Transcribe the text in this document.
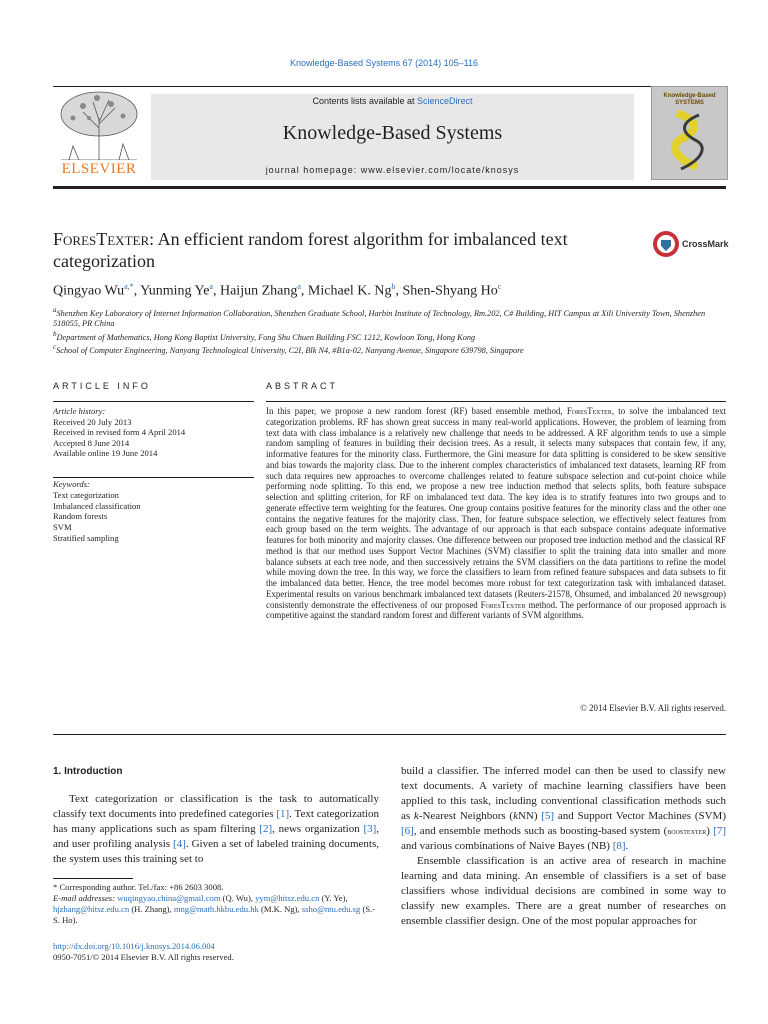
Knowledge-Based Systems 67 (2014) 105–116
ELSEVIER
Contents lists available at ScienceDirect
Knowledge-Based Systems
journal homepage: www.elsevier.com/locate/knosys
Knowledge-Based
SYSTEMS
ForesTexter: An efficient random forest algorithm for imbalanced text
categorization
CrossMark
Qingyao $Wu^{a,*}$, Yunming Ye$^a$, Haijun Zhang$^a$, Michael K. Ng$^b$, Shen-Shyang Ho$^c$
$^a$Shenzhen Key Laboratory of Internet Information Collaboration, Shenzhen Graduate School, Harbin Institute of Technology, Rm.202, C# Building, HIT Campus at Xili University Town, Shenzhen 518055, PR China
$^b$Department of Mathematics, Hong Kong Baptist University, Fong Shu Chuen Building FSC 1212, Kowloon Tong, Hong Kong
$^c$School of Computer Engineering, Nanyang Technological University, C2I, Blk N4, #B1a-02, Nanyang Avenue, Singapore 639798, Singapore
ARTICLE INFO	ABSTRACT
Article history:
Received 20 July 2013
Received in revised form 4 April 2014
Accepted 8 June 2014
Available online 19 June 2014
Keywords:
Text categorization
Imbalanced classification
Random forests
SVM
Stratified sampling
In this paper, we propose a new random forest (RF) based ensemble method, ForesTexter, to solve the imbalanced text categorization problems. RF has shown great success in many real-world applications. However, the problem of learning from text data with class imbalance is a relatively new challenge that needs to be addressed. A RF algorithm tends to use a simple random sampling of features in building their decision trees. As a result, it selects many subspaces that contain few, if any, informative features for the minority class. Furthermore, the Gini measure for data splitting is considered to be skew sensitive and bias towards the majority class. Due to the inherent complex characteristics of imbalanced text datasets, learning RF from such data requires new approaches to overcome challenges related to feature subspace selection and cut-point choice while performing node splitting. To this end, we propose a new tree induction method that selects splits, both feature subspace selection and splitting criterion, for RF on imbalanced text data. The key idea is to stratify features into two groups and to generate effective term weighting for the features. One group contains positive features for the minority class and the other one contains the negative features for the majority class. Then, for feature subspace selection, we effectively select features from each group based on the term weights. The advantage of our approach is that each subspace contains adequate informative features for both minority and majority classes. One difference between our proposed tree induction method and the classical RF method is that our method uses Support Vector Machines (SVM) classifier to split the training data into smaller and more balance subsets at each tree node, and then successively retrains the SVM classifiers on the data partitions to refine the model while moving down the tree. In this way, we force the classifiers to learn from refined feature subspaces and data subsets to fit the imbalanced data better. Hence, the tree model becomes more robust for text categorization task with imbalanced dataset. Experimental results on various benchmark imbalanced text datasets (Reuters-21578, Ohsumed, and imbalanced 20 newsgroup) consistently demonstrate the effectiveness of our proposed ForesTexter method. The performance of our proposed approach is competitive against the standard random forest and different variants of SVM algorithms.
© 2014 Elsevier B.V. All rights reserved.
1. Introduction
Text categorization or classification is the task to automatically classify text documents into predefined categories [1]. Text categorization has many applications such as spam filtering [2], news organization [3], and user profiling analysis [4]. Given a set of labeled training documents, the system uses this training set to

build a classifier. The inferred model can then be used to classify new text documents. A variety of machine learning classifiers have been applied to this task, including conventional classification methods such as k-Nearest Neighbors (kNN) [5] and Support Vector Machines (SVM) [6], and ensemble methods such as boosting-based system (boostexter) [7] and various combinations of Naive Bayes (NB) [8].

Ensemble classification is an active area of research in machine learning and data mining. An ensemble of classifiers is a set of base classifiers whose individual decisions are combined in some way to classify new examples. There are a great number of researches on ensemble classifier design. One of the most popular approaches for

* Corresponding author. Tel./fax: +86 2603 3008.
E-mail addresses: wuqingyao.china@gmail.com (Q. Wu), yym@hitsz.edu.cn (Y. Ye), hjzhang@hitsz.edu.cn (H. Zhang), mng@math.hkbu.edu.hk (M.K. Ng), ssho@ntu.edu.sg (S.-S. Ho).
http://dx.doi.org/10.1016/j.knosys.2014.06.004
0950-7051/© 2014 Elsevier B.V. All rights reserved.
